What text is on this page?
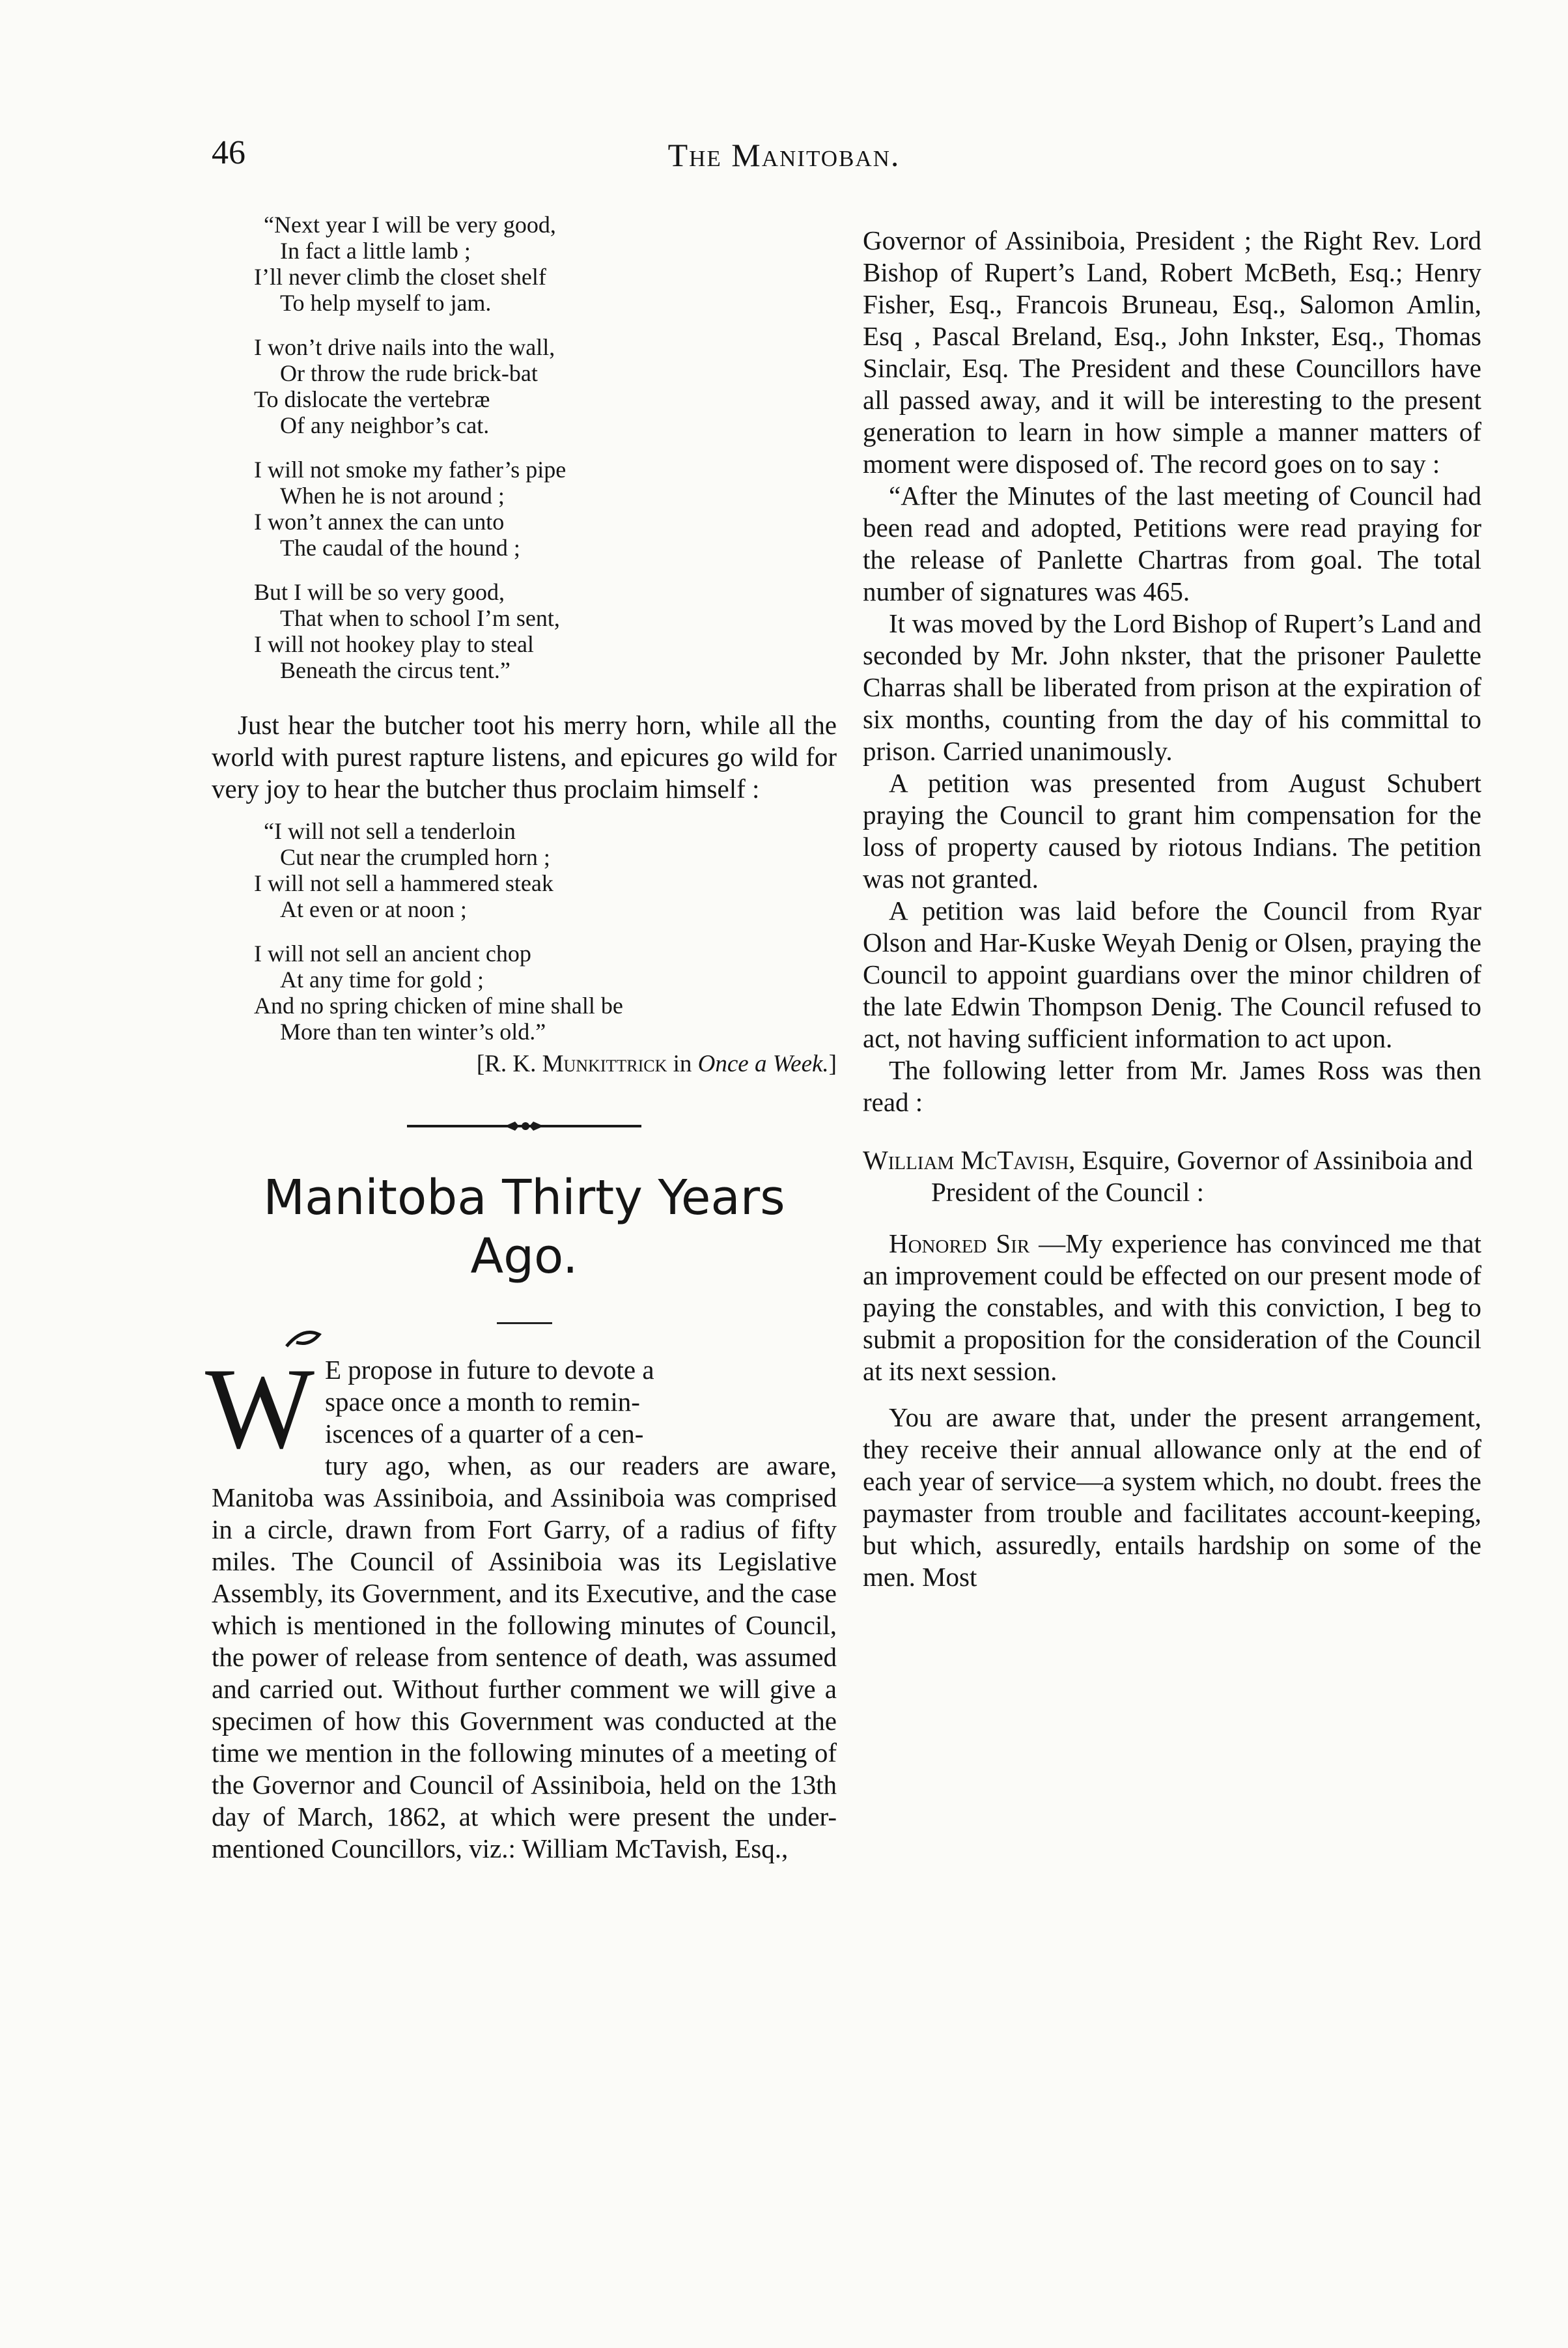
46	The Manitoban.
“Next year I will be very good,
In fact a little lamb ;
I’ll never climb the closet shelf
To help myself to jam.
I won’t drive nails into the wall,
Or throw the rude brick-bat
To dislocate the vertebræ
Of any neighbor’s cat.
I will not smoke my father’s pipe
When he is not around ;
I won’t annex the can unto
The caudal of the hound ;
But I will be so very good,
That when to school I’m sent,
I will not hookey play to steal
Beneath the circus tent.”

Just hear the butcher toot his merry horn, while all the world with purest rapture listens, and epicures go wild for very joy to hear the butcher thus proclaim himself :

“I will not sell a tenderloin
Cut near the crumpled horn ;
I will not sell a hammered steak
At even or at noon ;
I will not sell an ancient chop
At any time for gold ;
And no spring chicken of mine shall be
More than ten winter’s old.”

[R. K. Munkittrick in Once a Week.]

Manitoba Thirty Years Ago.
W E propose in future to devote a
space once a month to remin-
iscences of a quarter of a cen-
tury ago, when, as our readers are aware, Manitoba was Assiniboia, and Assiniboia was comprised in a circle, drawn from Fort Garry, of a radius of fifty miles. The Council of Assiniboia was its Legislative Assembly, its Government, and its Executive, and the case which is mentioned in the following minutes of Council, the power of release from sentence of death, was assumed and carried out. Without further comment we will give a specimen of how this Government was conducted at the time we mention in the following minutes of a meeting of the Governor and Council of Assiniboia, held on the 13th day of March, 1862, at which were present the under-mentioned Councillors, viz.: William McTavish, Esq.,

Governor of Assiniboia, President ; the Right Rev. Lord Bishop of Rupert’s Land, Robert McBeth, Esq.; Henry Fisher, Esq., Francois Bruneau, Esq., Salomon Amlin, Esq , Pascal Breland, Esq., John Inkster, Esq., Thomas Sinclair, Esq. The President and these Councillors have all passed away, and it will be interesting to the present generation to learn in how simple a manner matters of moment were disposed of. The record goes on to say :

“After the Minutes of the last meeting of Council had been read and adopted, Petitions were read praying for the release of Panlette Chartras from goal. The total number of signatures was 465.

It was moved by the Lord Bishop of Rupert’s Land and seconded by Mr. John nkster, that the prisoner Paulette Charras shall be liberated from prison at the expiration of six months, counting from the day of his committal to prison. Carried unanimously.

A petition was presented from August Schubert praying the Council to grant him compensation for the loss of property caused by riotous Indians. The petition was not granted.

A petition was laid before the Council from Ryar Olson and Har-Kuske Weyah Denig or Olsen, praying the Council to appoint guardians over the minor children of the late Edwin Thompson Denig. The Council refused to act, not having sufficient information to act upon.

The following letter from Mr. James Ross was then read :

William McTavish, Esquire, Governor of Assiniboia and President of the Council :

Honored Sir —My experience has convinced me that an improvement could be effected on our present mode of paying the constables, and with this conviction, I beg to submit a proposition for the consideration of the Council at its next session.

You are aware that, under the present arrangement, they receive their annual allowance only at the end of each year of service—a system which, no doubt. frees the paymaster from trouble and facilitates account-keeping, but which, assuredly, entails hardship on some of the men. Most
